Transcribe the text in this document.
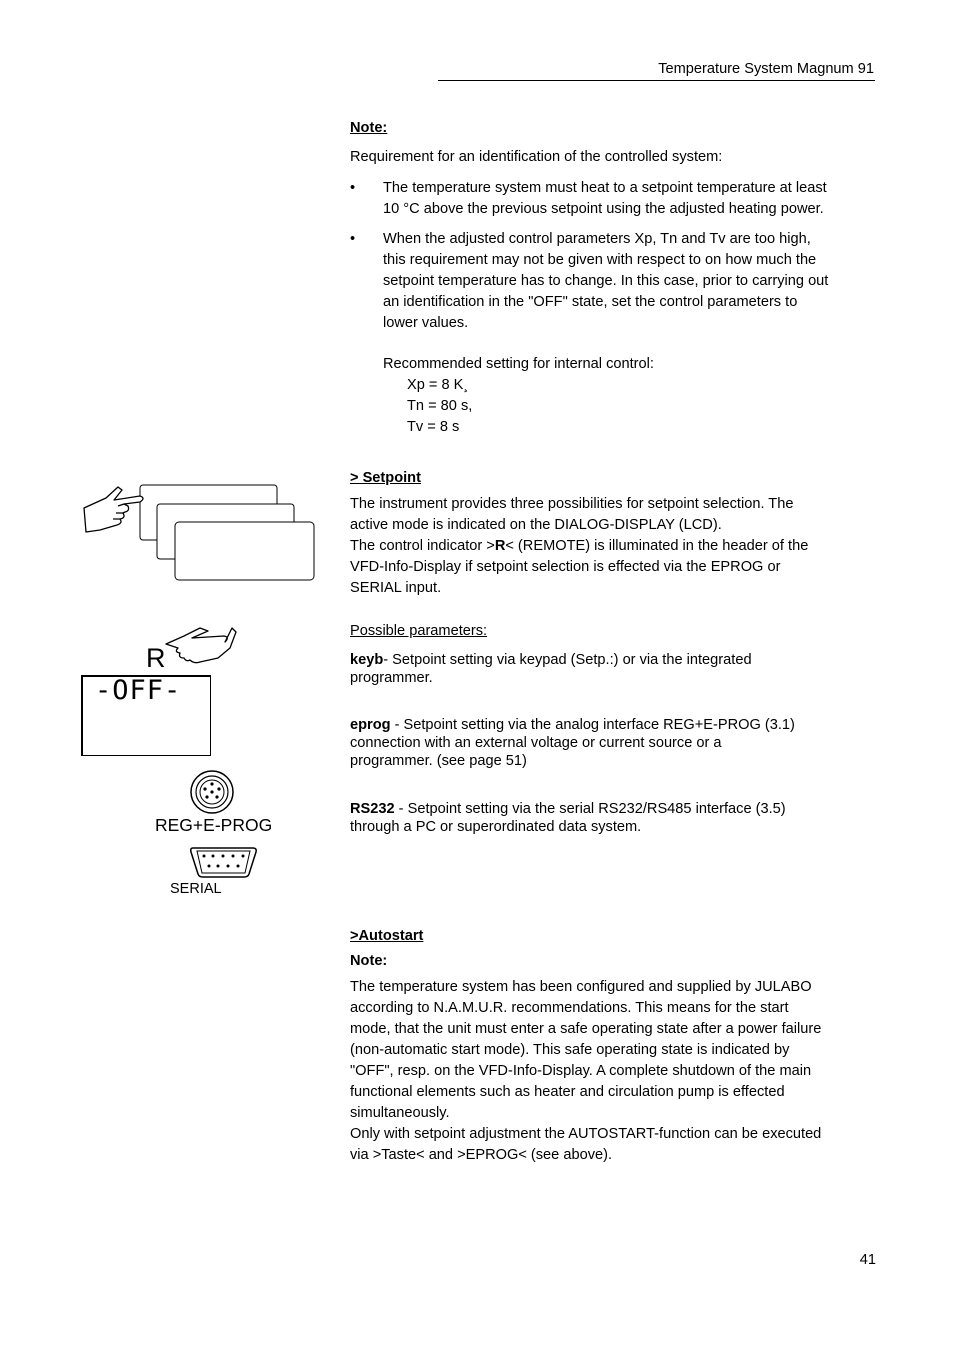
Temperature System Magnum 91

Note:

Requirement for an identification of the controlled system:
• The temperature system must heat to a setpoint temperature at least
10 °C above the previous setpoint using the adjusted heating power.
• When the adjusted control parameters Xp, Tn and Tv are too high,
this requirement may not be given with respect to on how much the
setpoint temperature has to change. In this case, prior to carrying out
an identification in the "OFF" state, set the control parameters to
lower values.
Recommended setting for internal control:
Xp = 8 K¸
Tn = 80 s,
Tv = 8 s
> Setpoint
The instrument provides three possibilities for setpoint selection. The
active mode is indicated on the DIALOG-DISPLAY (LCD).
The control indicator >R< (REMOTE) is illuminated in the header of the
VFD-Info-Display if setpoint selection is effected via the EPROG or
SERIAL input.
Possible parameters:
keyb- Setpoint setting via keypad (Setp.:) or via the integrated
programmer.
eprog - Setpoint setting via the analog interface REG+E-PROG (3.1)
connection with an external voltage or current source or a
programmer. (see page 51)
RS232 - Setpoint setting via the serial RS232/RS485 interface (3.5)
through a PC or superordinated data system.
>Autostart
Note:
The temperature system has been configured and supplied by JULABO
according to N.A.M.U.R. recommendations. This means for the start
mode, that the unit must enter a safe operating state after a power failure
(non-automatic start mode). This safe operating state is indicated by
"OFF", resp. on the VFD-Info-Display. A complete shutdown of the main
functional elements such as heater and circulation pump is effected
simultaneously.
Only with setpoint adjustment the AUTOSTART-function can be executed
via >Taste< and >EPROG< (see above).
R
-OFF-
REG+E-PROG
SERIAL
41
